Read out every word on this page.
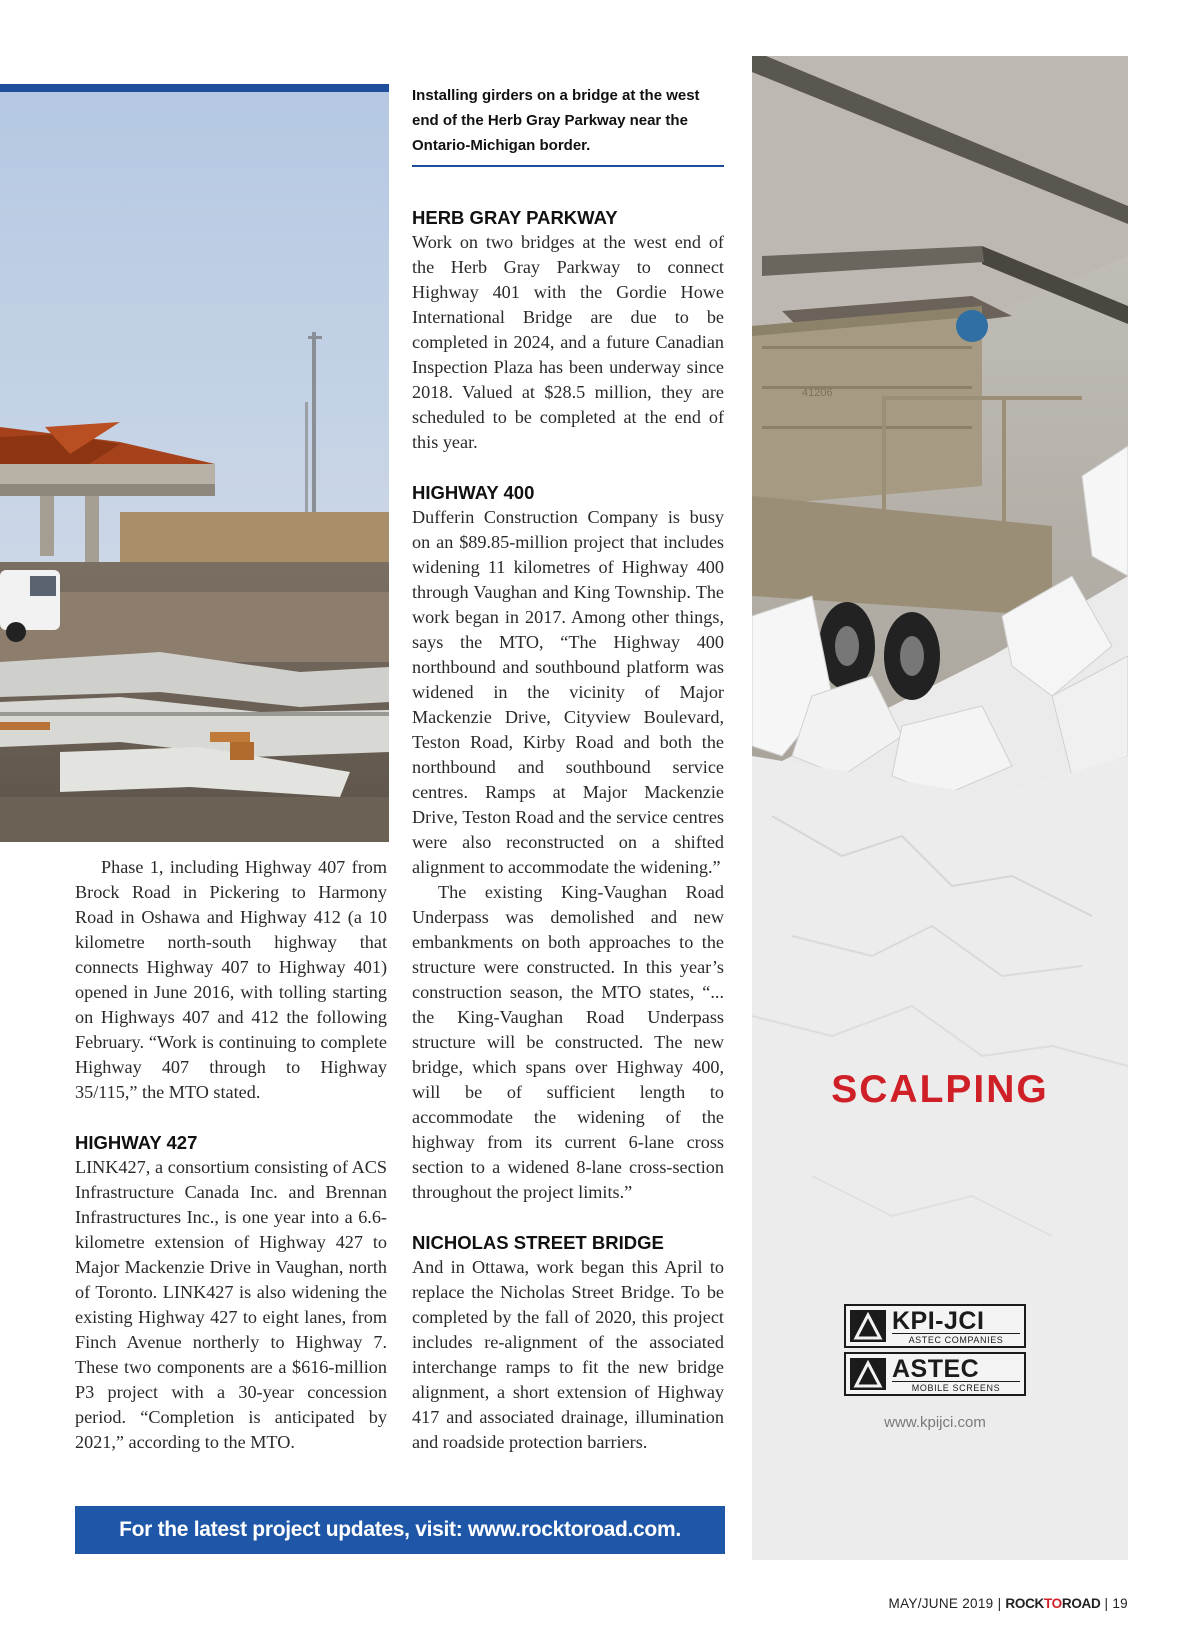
Installing girders on a bridge at the west end of the Herb Gray Parkway near the Ontario-Michigan border.

Phase 1, including Highway 407 from Brock Road in Pickering to Harmony Road in Oshawa and Highway 412 (a 10 kilometre north-south highway that connects Highway 407 to Highway 401) opened in June 2016, with tolling starting on Highways 407 and 412 the following February. “Work is continuing to complete Highway 407 through to Highway 35/115,” the MTO stated.

HIGHWAY 427

LINK427, a consortium consisting of ACS Infrastructure Canada Inc. and Brennan Infrastructures Inc., is one year into a 6.6-kilometre extension of Highway 427 to Major Mackenzie Drive in Vaughan, north of Toronto. LINK427 is also widening the existing Highway 427 to eight lanes, from Finch Avenue northerly to Highway 7. These two components are a $616-million P3 project with a 30-year concession period. “Completion is anticipated by 2021,” according to the MTO.

HERB GRAY PARKWAY

Work on two bridges at the west end of the Herb Gray Parkway to connect Highway 401 with the Gordie Howe International Bridge are due to be completed in 2024, and a future Canadian Inspection Plaza has been underway since 2018. Valued at $28.5 million, they are scheduled to be completed at the end of this year.

HIGHWAY 400

Dufferin Construction Company is busy on an $89.85-million project that includes widening 11 kilometres of Highway 400 through Vaughan and King Township. The work began in 2017. Among other things, says the MTO, “The Highway 400 northbound and southbound platform was widened in the vicinity of Major Mackenzie Drive, Cityview Boulevard, Teston Road, Kirby Road and both the northbound and southbound service centres. Ramps at Major Mackenzie Drive, Teston Road and the service centres were also reconstructed on a shifted alignment to accommodate the widening.”

The existing King-Vaughan Road Underpass was demolished and new embankments on both approaches to the structure were constructed. In this year’s construction season, the MTO states, “... the King-Vaughan Road Underpass structure will be constructed. The new bridge, which spans over Highway 400, will be of sufficient length to accommodate the widening of the highway from its current 6-lane cross section to a widened 8-lane cross-section throughout the project limits.”

NICHOLAS STREET BRIDGE

And in Ottawa, work began this April to replace the Nicholas Street Bridge. To be completed by the fall of 2020, this project includes re-alignment of the associated interchange ramps to fit the new bridge alignment, a short extension of Highway 417 and associated drainage, illumination and roadside protection barriers.

41206
SCALPING
KPI-JCI
ASTEC COMPANIES
ASTEC
MOBILE SCREENS
www.kpijci.com
For the latest project updates, visit: www.rocktoroad.com.
MAY/JUNE 2019 | ROCKTOROAD | 19
